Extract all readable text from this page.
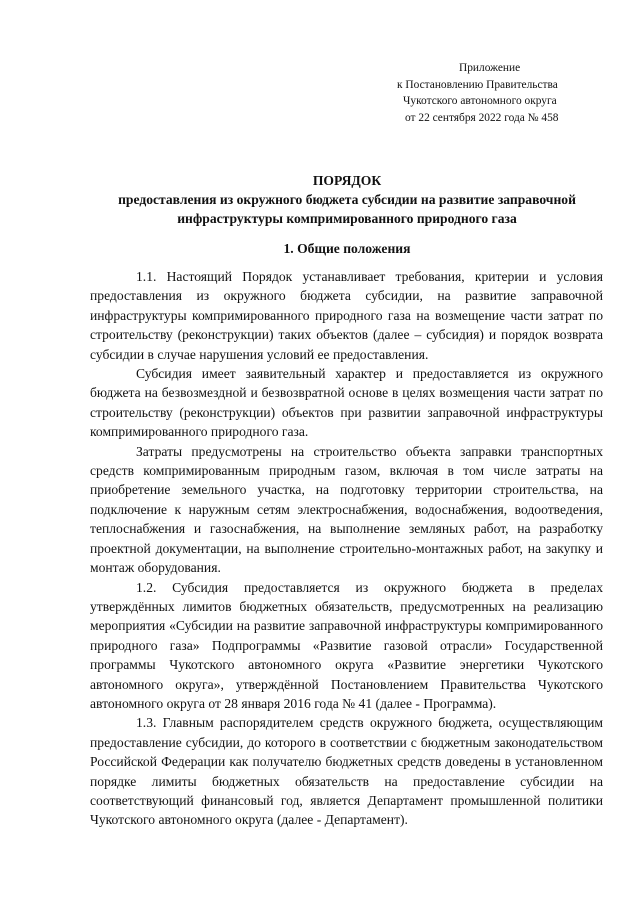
Приложение
к Постановлению Правительства
Чукотского автономного округа
от 22 сентября 2022 года № 458
ПОРЯДОК
предоставления из окружного бюджета субсидии на развитие заправочной инфраструктуры компримированного природного газа
1. Общие положения

1.1. Настоящий Порядок устанавливает требования, критерии и условия предоставления из окружного бюджета субсидии, на развитие заправочной инфраструктуры компримированного природного газа на возмещение части затрат по строительству (реконструкции) таких объектов (далее – субсидия) и порядок возврата субсидии в случае нарушения условий ее предоставления.

Субсидия имеет заявительный характер и предоставляется из окружного бюджета на безвозмездной и безвозвратной основе в целях возмещения части затрат по строительству (реконструкции) объектов при развитии заправочной инфраструктуры компримированного природного газа.

Затраты предусмотрены на строительство объекта заправки транспортных средств компримированным природным газом, включая в том числе затраты на приобретение земельного участка, на подготовку территории строительства, на подключение к наружным сетям электроснабжения, водоснабжения, водоотведения, теплоснабжения и газоснабжения, на выполнение земляных работ, на разработку проектной документации, на выполнение строительно-монтажных работ, на закупку и монтаж оборудования.

1.2. Субсидия предоставляется из окружного бюджета в пределах утверждённых лимитов бюджетных обязательств, предусмотренных на реализацию мероприятия «Субсидии на развитие заправочной инфраструктуры компримированного природного газа» Подпрограммы «Развитие газовой отрасли» Государственной программы Чукотского автономного округа «Развитие энергетики Чукотского автономного округа», утверждённой Постановлением Правительства Чукотского автономного округа от 28 января 2016 года № 41 (далее - Программа).

1.3. Главным распорядителем средств окружного бюджета, осуществляющим предоставление субсидии, до которого в соответствии с бюджетным законодательством Российской Федерации как получателю бюджетных средств доведены в установленном порядке лимиты бюджетных обязательств на предоставление субсидии на соответствующий финансовый год, является Департамент промышленной политики Чукотского автономного округа (далее - Департамент).
